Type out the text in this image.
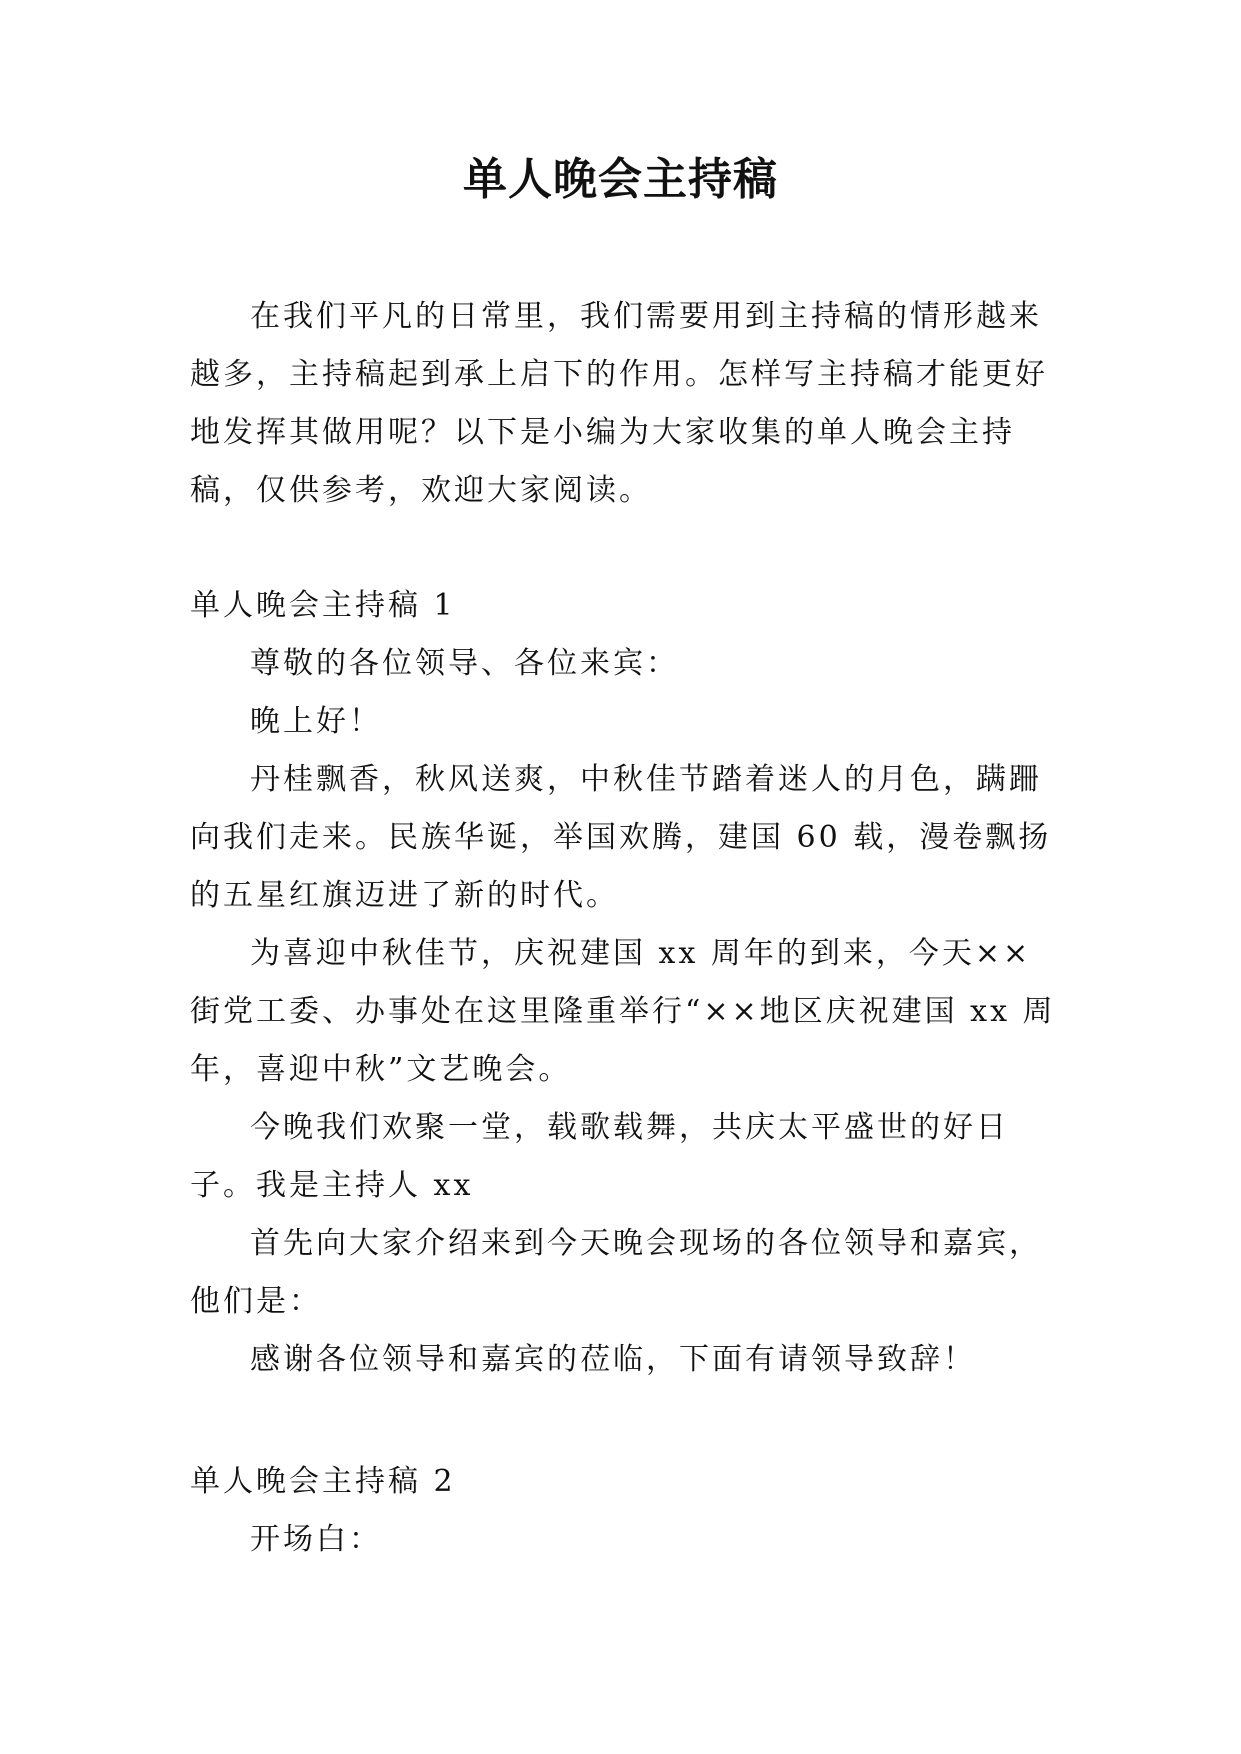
单人晚会主持稿

在我们平凡的日常里，我们需要用到主持稿的情形越来越多，主持稿起到承上启下的作用。怎样写主持稿才能更好地发挥其做用呢？以下是小编为大家收集的单人晚会主持稿，仅供参考，欢迎大家阅读。

单人晚会主持稿 1

尊敬的各位领导、各位来宾：

晚上好！

丹桂飘香，秋风送爽，中秋佳节踏着迷人的月色，蹒跚向我们走来。民族华诞，举国欢腾，建国 60 载，漫卷飘扬的五星红旗迈进了新的时代。

为喜迎中秋佳节，庆祝建国 xx 周年的到来，今天××街党工委、办事处在这里隆重举行“××地区庆祝建国 xx 周年，喜迎中秋”文艺晚会。

今晚我们欢聚一堂，载歌载舞，共庆太平盛世的好日子。我是主持人 xx

首先向大家介绍来到今天晚会现场的各位领导和嘉宾，他们是：

感谢各位领导和嘉宾的莅临，下面有请领导致辞！

单人晚会主持稿 2

开场白：
